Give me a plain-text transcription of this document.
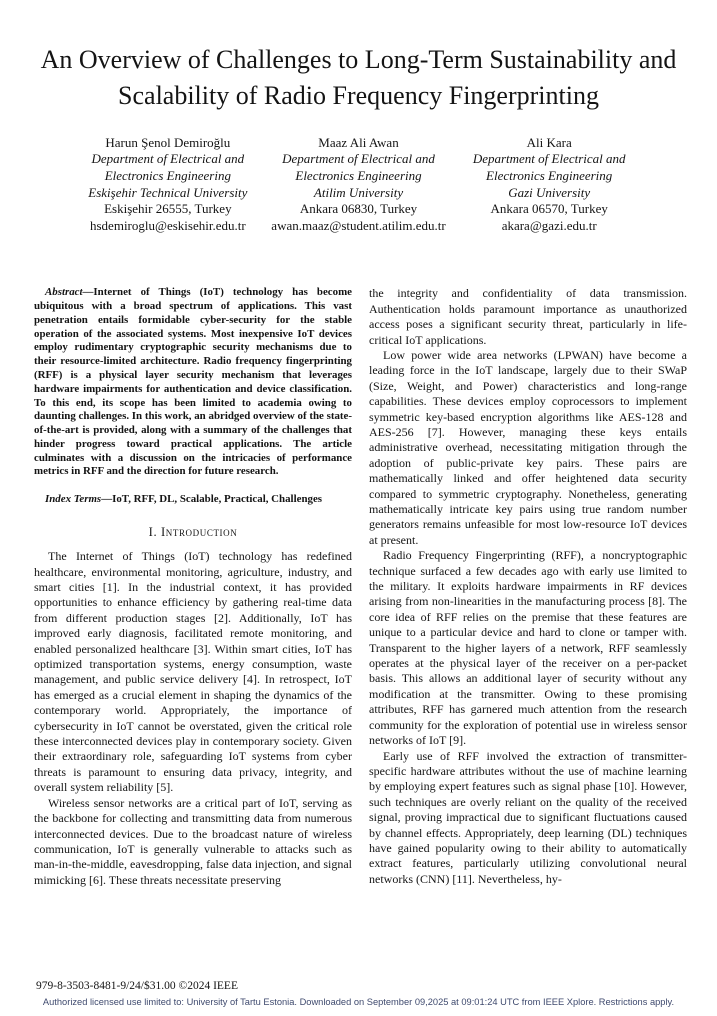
An Overview of Challenges to Long-Term Sustainability and Scalability of Radio Frequency Fingerprinting
Harun Şenol Demiroğlu
Department of Electrical and
Electronics Engineering
Eskişehir Technical University
Eskişehir 26555, Turkey
hsdemiroglu@eskisehir.edu.tr
Maaz Ali Awan
Department of Electrical and
Electronics Engineering
Atilim University
Ankara 06830, Turkey
awan.maaz@student.atilim.edu.tr
Ali Kara
Department of Electrical and
Electronics Engineering
Gazi University
Ankara 06570, Turkey
akara@gazi.edu.tr

Abstract—Internet of Things (IoT) technology has become ubiquitous with a broad spectrum of applications. This vast penetration entails formidable cyber-security for the stable operation of the associated systems. Most inexpensive IoT devices employ rudimentary cryptographic security mechanisms due to their resource-limited architecture. Radio frequency fingerprinting (RFF) is a physical layer security mechanism that leverages hardware impairments for authentication and device classification. To this end, its scope has been limited to academia owing to daunting challenges. In this work, an abridged overview of the state-of-the-art is provided, along with a summary of the challenges that hinder progress toward practical applications. The article culminates with a discussion on the intricacies of performance metrics in RFF and the direction for future research.

Index Terms—IoT, RFF, DL, Scalable, Practical, Challenges

I. Introduction

The Internet of Things (IoT) technology has redefined healthcare, environmental monitoring, agriculture, industry, and smart cities [1]. In the industrial context, it has provided opportunities to enhance efficiency by gathering real-time data from different production stages [2]. Additionally, IoT has improved early diagnosis, facilitated remote monitoring, and enabled personalized healthcare [3]. Within smart cities, IoT has optimized transportation systems, energy consumption, waste management, and public service delivery [4]. In retrospect, IoT has emerged as a crucial element in shaping the dynamics of the contemporary world. Appropriately, the importance of cybersecurity in IoT cannot be overstated, given the critical role these interconnected devices play in contemporary society. Given their extraordinary role, safeguarding IoT systems from cyber threats is paramount to ensuring data privacy, integrity, and overall system reliability [5].

Wireless sensor networks are a critical part of IoT, serving as the backbone for collecting and transmitting data from numerous interconnected devices. Due to the broadcast nature of wireless communication, IoT is generally vulnerable to attacks such as man-in-the-middle, eavesdropping, false data injection, and signal mimicking [6]. These threats necessitate preserving

the integrity and confidentiality of data transmission. Authentication holds paramount importance as unauthorized access poses a significant security threat, particularly in life-critical IoT applications.

Low power wide area networks (LPWAN) have become a leading force in the IoT landscape, largely due to their SWaP (Size, Weight, and Power) characteristics and long-range capabilities. These devices employ coprocessors to implement symmetric key-based encryption algorithms like AES-128 and AES-256 [7]. However, managing these keys entails administrative overhead, necessitating mitigation through the adoption of public-private key pairs. These pairs are mathematically linked and offer heightened data security compared to symmetric cryptography. Nonetheless, generating mathematically intricate key pairs using true random number generators remains unfeasible for most low-resource IoT devices at present.

Radio Frequency Fingerprinting (RFF), a noncryptographic technique surfaced a few decades ago with early use limited to the military. It exploits hardware impairments in RF devices arising from non-linearities in the manufacturing process [8]. The core idea of RFF relies on the premise that these features are unique to a particular device and hard to clone or tamper with. Transparent to the higher layers of a network, RFF seamlessly operates at the physical layer of the receiver on a per-packet basis. This allows an additional layer of security without any modification at the transmitter. Owing to these promising attributes, RFF has garnered much attention from the research community for the exploration of potential use in wireless sensor networks of IoT [9].

Early use of RFF involved the extraction of transmitter-specific hardware attributes without the use of machine learning by employing expert features such as signal phase [10]. However, such techniques are overly reliant on the quality of the received signal, proving impractical due to significant fluctuations caused by channel effects. Appropriately, deep learning (DL) techniques have gained popularity owing to their ability to automatically extract features, particularly utilizing convolutional neural networks (CNN) [11]. Nevertheless, hy-

979-8-3503-8481-9/24/$31.00 ©2024 IEEE
Authorized licensed use limited to: University of Tartu Estonia. Downloaded on September 09,2025 at 09:01:24 UTC from IEEE Xplore. Restrictions apply.
